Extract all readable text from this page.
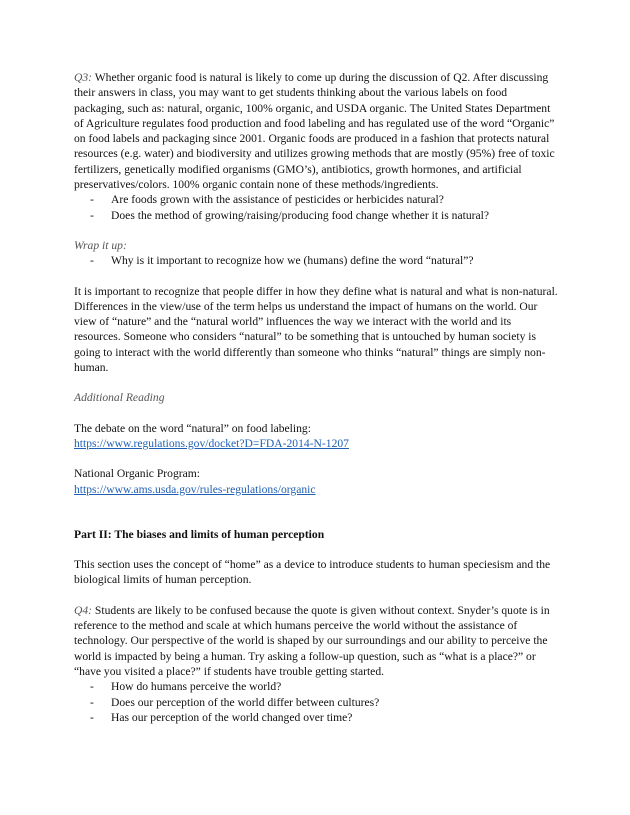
Q3: Whether organic food is natural is likely to come up during the discussion of Q2. After discussing their answers in class, you may want to get students thinking about the various labels on food packaging, such as: natural, organic, 100% organic, and USDA organic. The United States Department of Agriculture regulates food production and food labeling and has regulated use of the word “Organic” on food labels and packaging since 2001. Organic foods are produced in a fashion that protects natural resources (e.g. water) and biodiversity and utilizes growing methods that are mostly (95%) free of toxic fertilizers, genetically modified organisms (GMO’s), antibiotics, growth hormones, and artificial preservatives/colors. 100% organic contain none of these methods/ingredients.

- Are foods grown with the assistance of pesticides or herbicides natural?
- Does the method of growing/raising/producing food change whether it is natural?

Wrap it up:

- Why is it important to recognize how we (humans) define the word “natural”?

It is important to recognize that people differ in how they define what is natural and what is non-natural. Differences in the view/use of the term helps us understand the impact of humans on the world. Our view of “nature” and the “natural world” influences the way we interact with the world and its resources. Someone who considers “natural” to be something that is untouched by human society is going to interact with the world differently than someone who thinks “natural” things are simply non-human.

Additional Reading

The debate on the word “natural” on food labeling:

https://www.regulations.gov/docket?D=FDA-2014-N-1207

National Organic Program:

https://www.ams.usda.gov/rules-regulations/organic

Part II: The biases and limits of human perception

This section uses the concept of “home” as a device to introduce students to human speciesism and the biological limits of human perception.

Q4: Students are likely to be confused because the quote is given without context. Snyder’s quote is in reference to the method and scale at which humans perceive the world without the assistance of technology. Our perspective of the world is shaped by our surroundings and our ability to perceive the world is impacted by being a human. Try asking a follow-up question, such as “what is a place?” or “have you visited a place?” if students have trouble getting started.

- How do humans perceive the world?
- Does our perception of the world differ between cultures?
- Has our perception of the world changed over time?
